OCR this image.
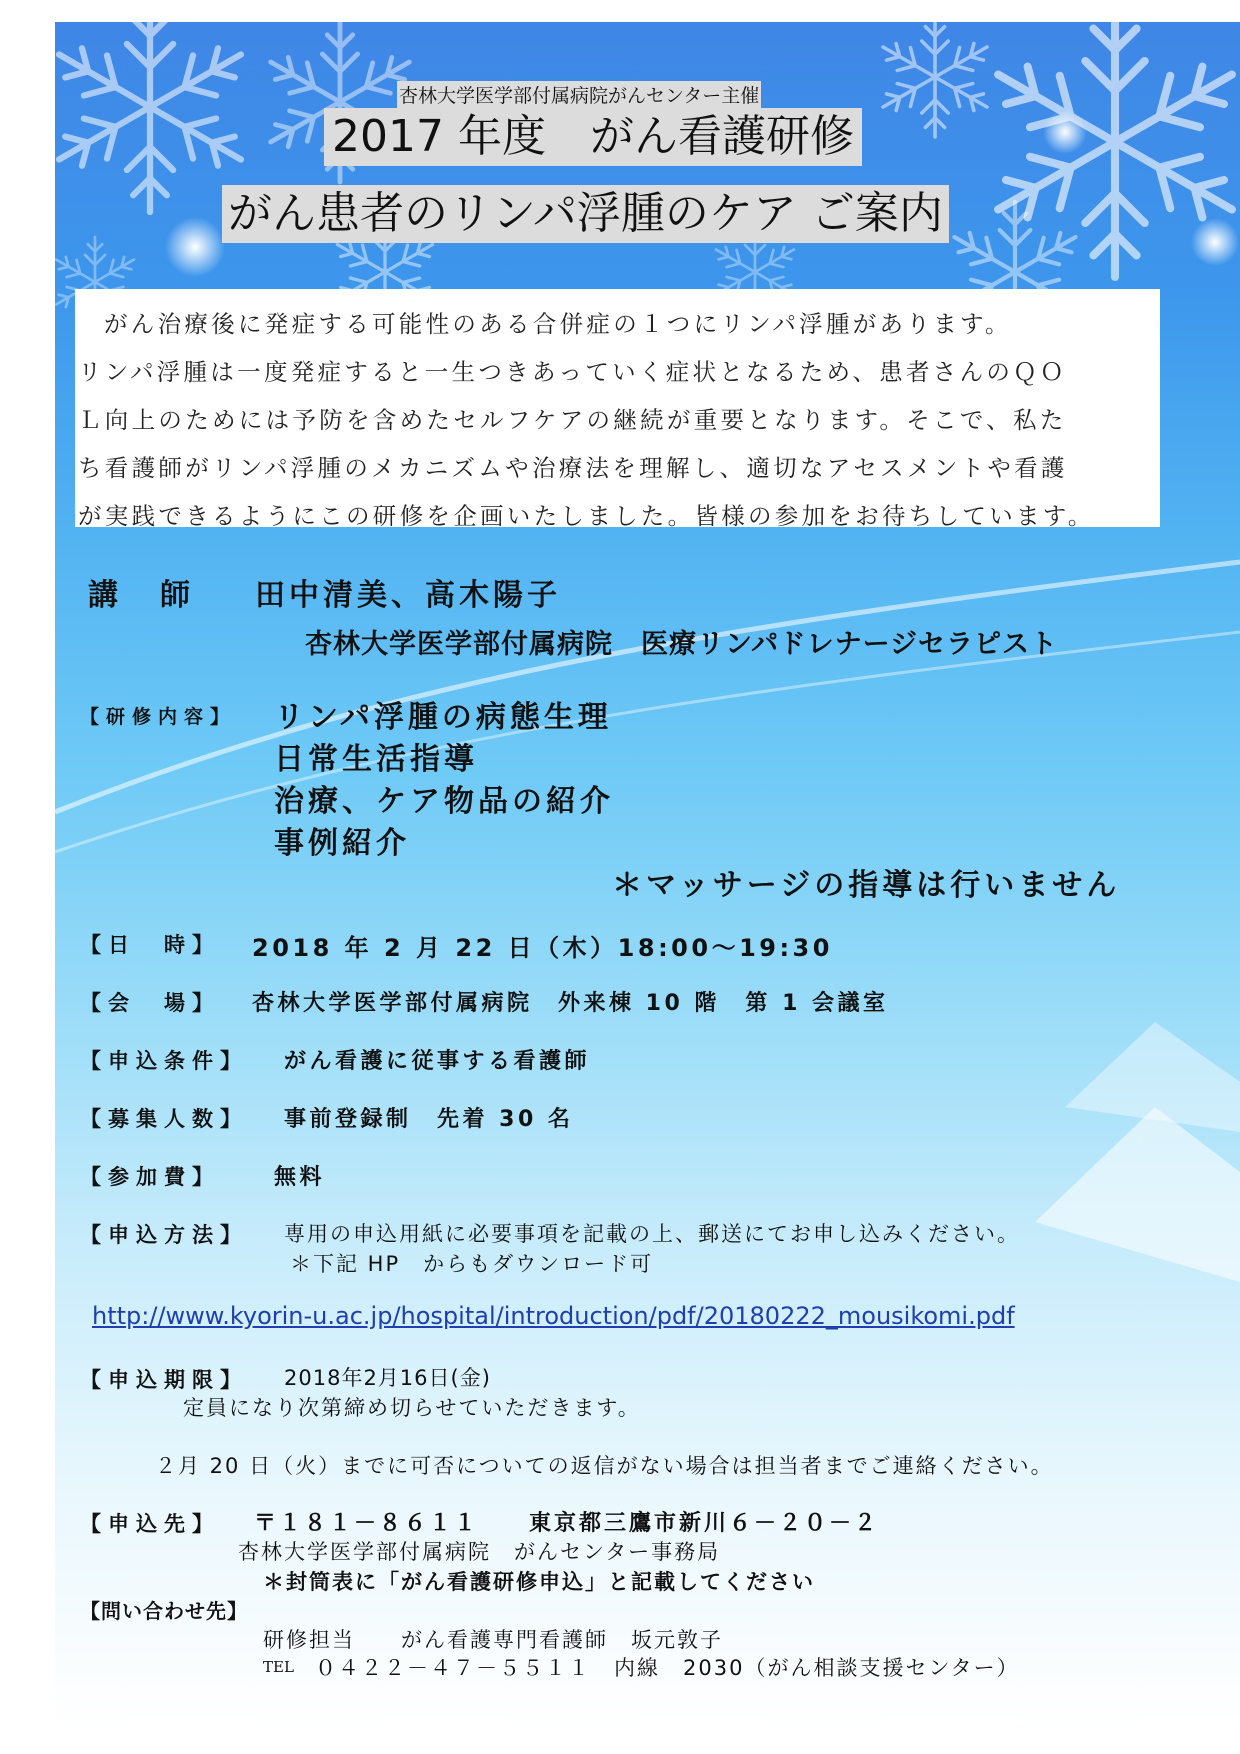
杏林大学医学部付属病院がんセンター主催
2017 年度　がん看護研修
がん患者のリンパ浮腫のケア ご案内
がん治療後に発症する可能性のある合併症の１つにリンパ浮腫があります。
リンパ浮腫は一度発症すると一生つきあっていく症状となるため、患者さんのＱＯ
Ｌ向上のためには予防を含めたセルフケアの継続が重要となります。そこで、私た
ち看護師がリンパ浮腫のメカニズムや治療法を理解し、適切なアセスメントや看護
が実践できるようにこの研修を企画いたしました。皆様の参加をお待ちしています。
講　師 田中清美、高木陽子
杏林大学医学部付属病院　医療リンパドレナージセラピスト
【研修内容】 リンパ浮腫の病態生理
日常生活指導
治療、ケア物品の紹介
事例紹介
＊マッサージの指導は行いません
【日　時】 2018 年 2 月 22 日（木）18:00～19:30
【会　場】 杏林大学医学部付属病院　外来棟 10 階　第 1 会議室
【申込条件】 がん看護に従事する看護師
【募集人数】 事前登録制　先着 30 名
【参加費】 無料
【申込方法】 専用の申込用紙に必要事項を記載の上、郵送にてお申し込みください。
＊下記 HP　からもダウンロード可
http://www.kyorin-u.ac.jp/hospital/introduction/pdf/20180222_mousikomi.pdf
【申込期限】 2018年2月16日(金)
定員になり次第締め切らせていただきます。
２月 20 日（火）までに可否についての返信がない場合は担当者までご連絡ください。
【申込先】 〒１８１－８６１１　　東京都三鷹市新川６－２０－２
杏林大学医学部付属病院　がんセンター事務局
＊封筒表に「がん看護研修申込」と記載してください
【問い合わせ先】
研修担当　　がん看護専門看護師　坂元敦子
TEL ０４２２－４７－５５１１　内線　2030（がん相談支援センター）
